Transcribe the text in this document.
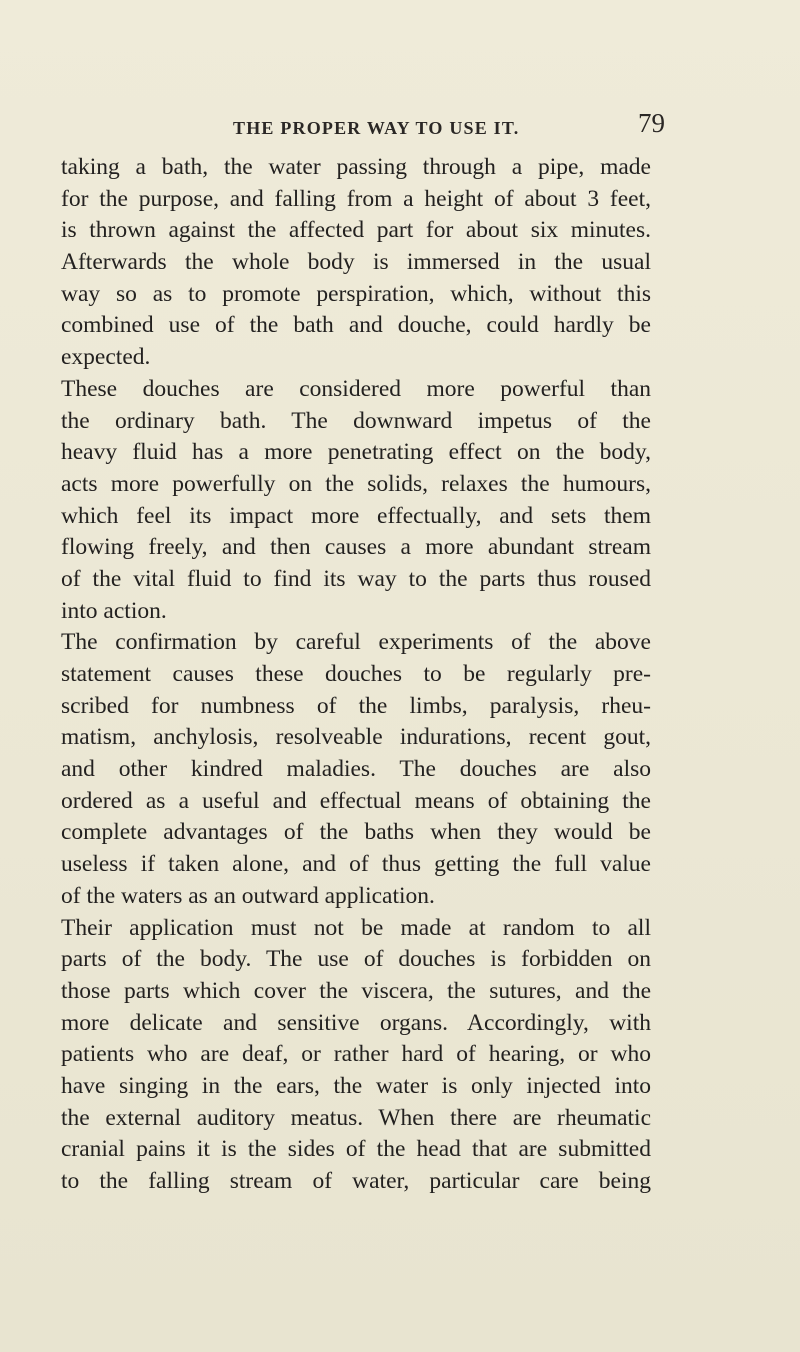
THE PROPER WAY TO USE IT.	79
taking a bath, the water passing through a pipe, made
for the purpose, and falling from a height of about 3 feet,
is thrown against the affected part for about six minutes.
Afterwards the whole body is immersed in the usual
way so as to promote perspiration, which, without this
combined use of the bath and douche, could hardly be
expected.
These douches are considered more powerful than
the ordinary bath. The downward impetus of the
heavy fluid has a more penetrating effect on the body,
acts more powerfully on the solids, relaxes the humours,
which feel its impact more effectually, and sets them
flowing freely, and then causes a more abundant stream
of the vital fluid to find its way to the parts thus roused
into action.
The confirmation by careful experiments of the above
statement causes these douches to be regularly pre-
scribed for numbness of the limbs, paralysis, rheu-
matism, anchylosis, resolveable indurations, recent gout,
and other kindred maladies. The douches are also
ordered as a useful and effectual means of obtaining the
complete advantages of the baths when they would be
useless if taken alone, and of thus getting the full value
of the waters as an outward application.
Their application must not be made at random to all
parts of the body. The use of douches is forbidden on
those parts which cover the viscera, the sutures, and the
more delicate and sensitive organs. Accordingly, with
patients who are deaf, or rather hard of hearing, or who
have singing in the ears, the water is only injected into
the external auditory meatus. When there are rheumatic
cranial pains it is the sides of the head that are submitted
to the falling stream of water, particular care being
